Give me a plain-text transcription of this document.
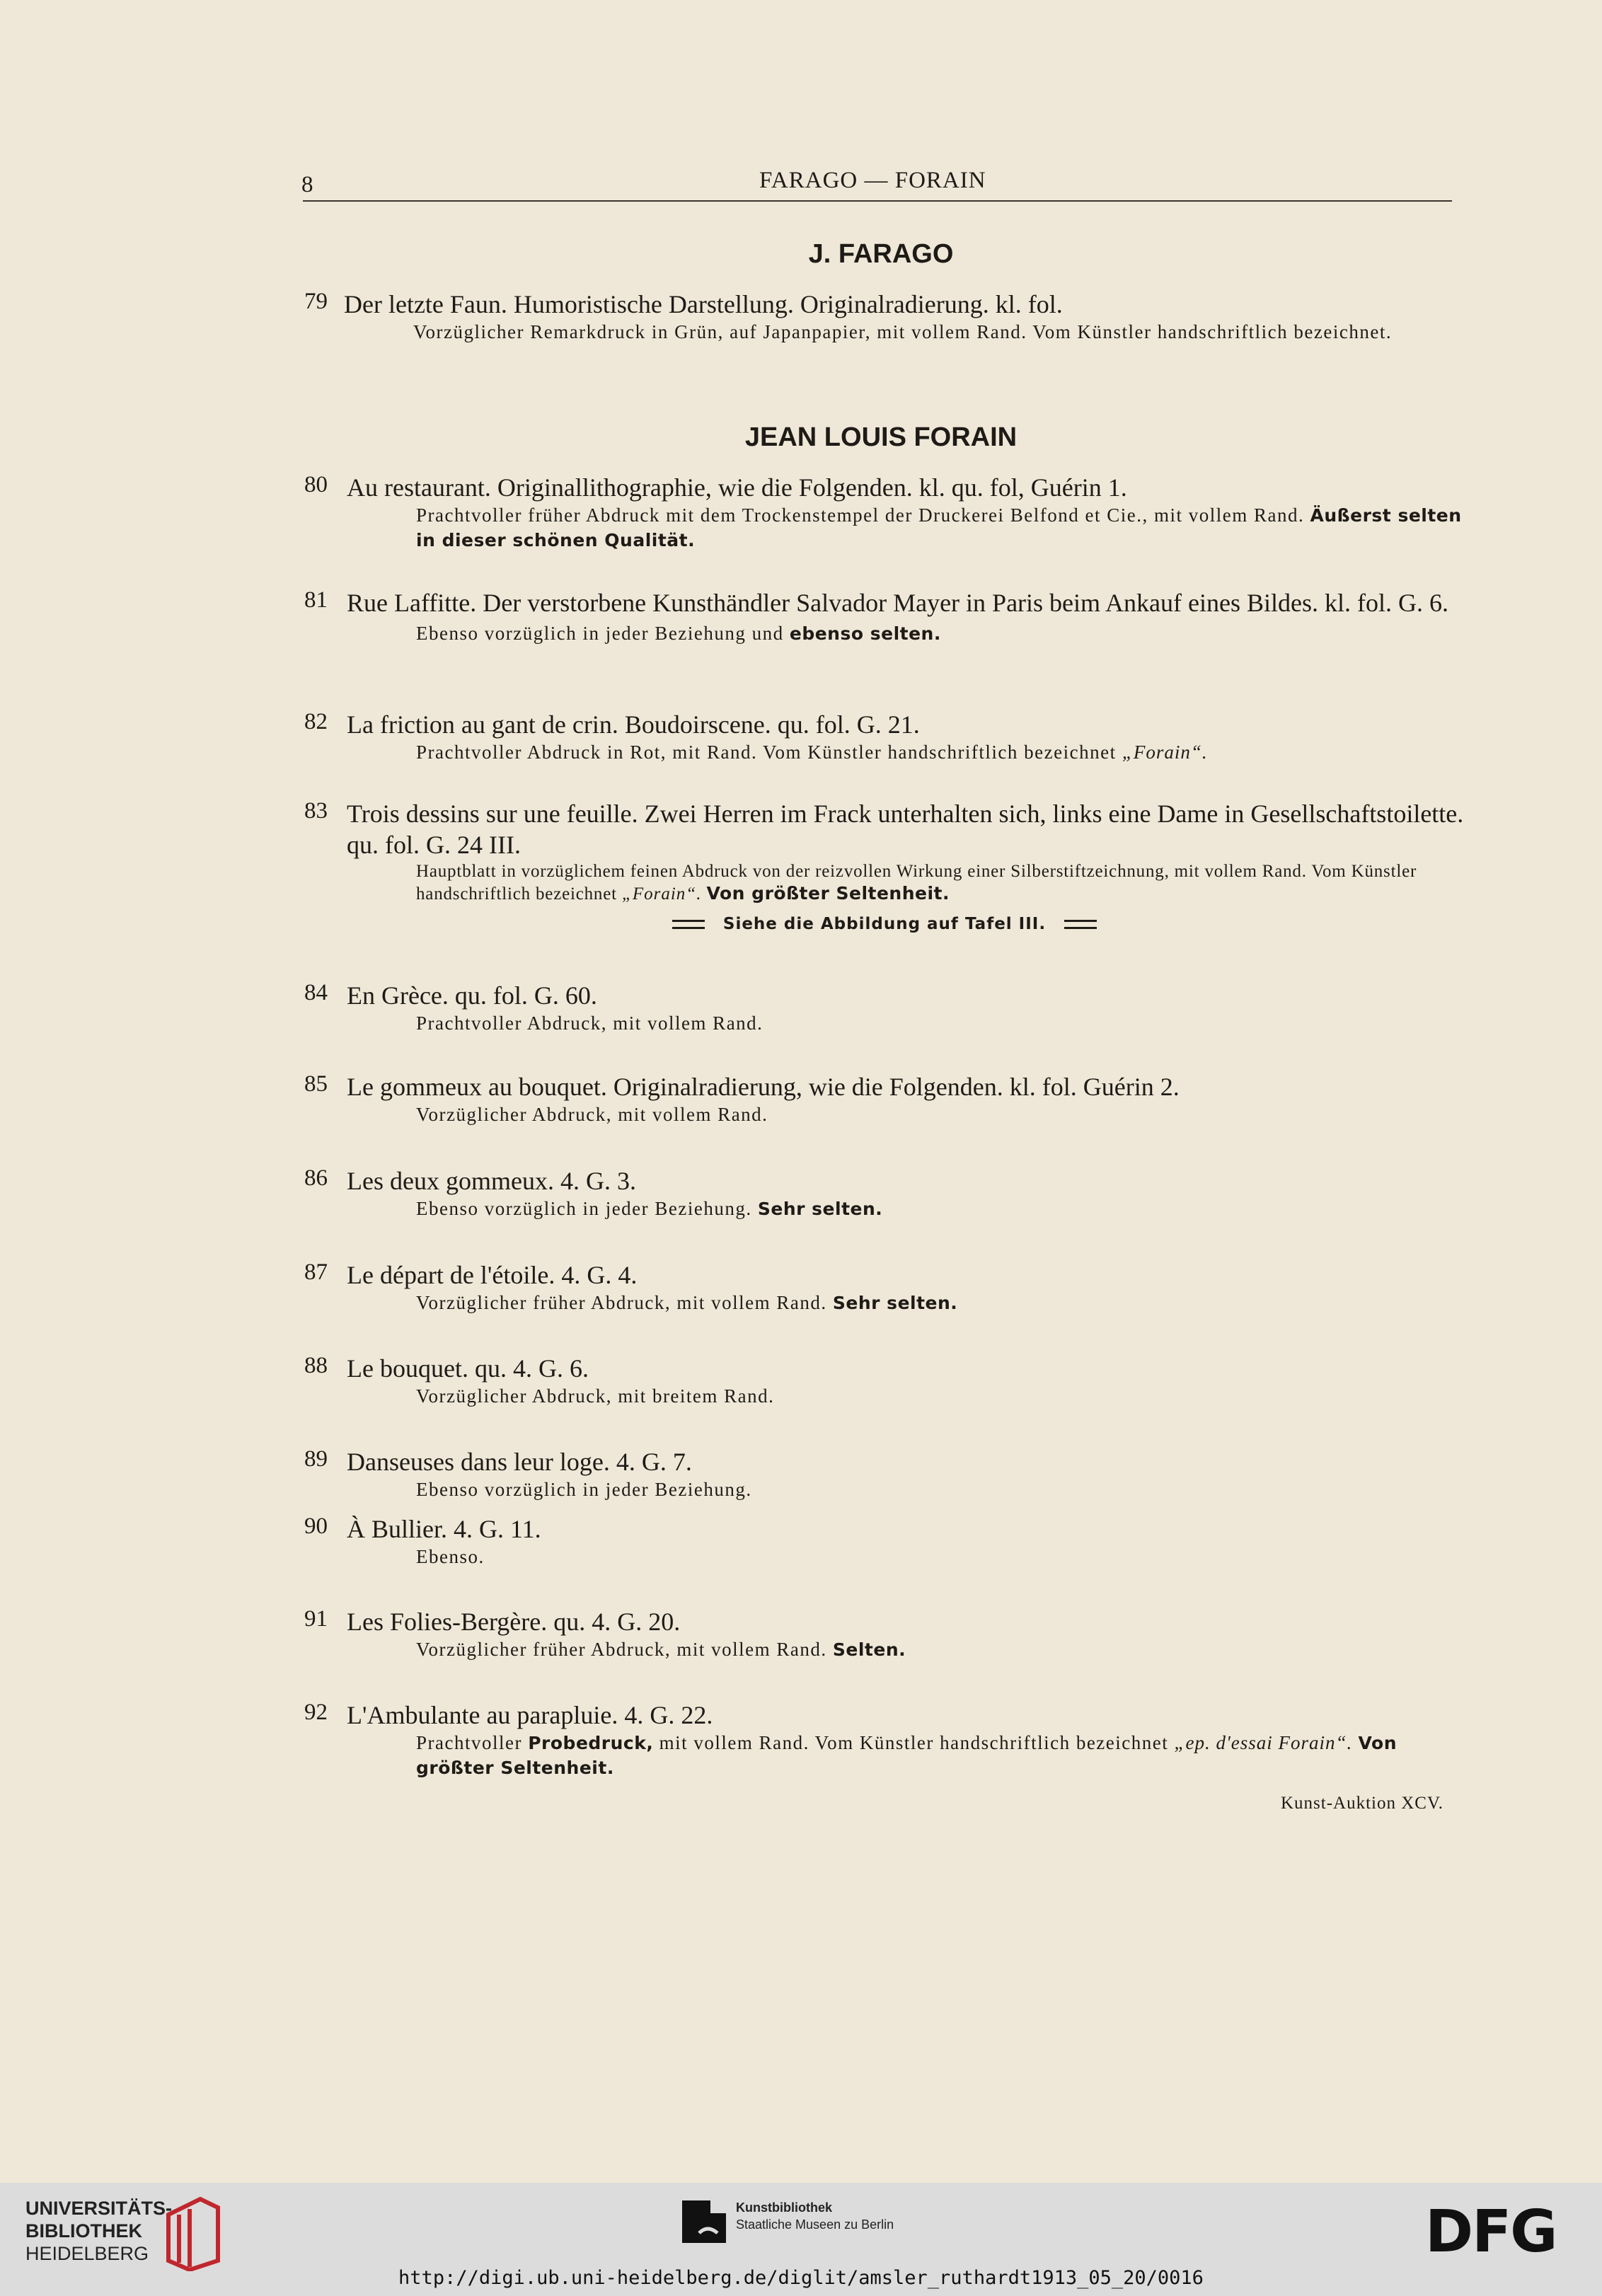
8	FARAGO — FORAIN
J. FARAGO
79 Der letzte Faun. Humoristische Darstellung. Originalradierung. kl. fol.
Vorzüglicher Remarkdruck in Grün, auf Japanpapier, mit vollem Rand. Vom Künstler handschriftlich bezeichnet.
JEAN LOUIS FORAIN
80 Au restaurant. Originallithographie, wie die Folgenden. kl. qu. fol, Guérin 1.
Prachtvoller früher Abdruck mit dem Trockenstempel der Druckerei Belfond et Cie., mit vollem Rand. Äußerst selten in dieser schönen Qualität.
81 Rue Laffitte. Der verstorbene Kunsthändler Salvador Mayer in Paris beim Ankauf eines Bildes. kl. fol. G. 6.
Ebenso vorzüglich in jeder Beziehung und ebenso selten.
82 La friction au gant de crin. Boudoirscene. qu. fol. G. 21.
Prachtvoller Abdruck in Rot, mit Rand. Vom Künstler handschriftlich bezeichnet „Forain“.
83 Trois dessins sur une feuille. Zwei Herren im Frack unterhalten sich, links eine Dame in Gesellschaftstoilette. qu. fol. G. 24 III.
Hauptblatt in vorzüglichem feinen Abdruck von der reizvollen Wirkung einer Silberstiftzeichnung, mit vollem Rand. Vom Künstler handschriftlich bezeichnet „Forain“. Von größter Seltenheit.
Siehe die Abbildung auf Tafel III.
84 En Grèce. qu. fol. G. 60.
Prachtvoller Abdruck, mit vollem Rand.
85 Le gommeux au bouquet. Originalradierung, wie die Folgenden. kl. fol. Guérin 2.
Vorzüglicher Abdruck, mit vollem Rand.
86 Les deux gommeux. 4. G. 3.
Ebenso vorzüglich in jeder Beziehung. Sehr selten.
87 Le départ de l'étoile. 4. G. 4.
Vorzüglicher früher Abdruck, mit vollem Rand. Sehr selten.
88 Le bouquet. qu. 4. G. 6.
Vorzüglicher Abdruck, mit breitem Rand.
89 Danseuses dans leur loge. 4. G. 7.
Ebenso vorzüglich in jeder Beziehung.
90 À Bullier. 4. G. 11.
Ebenso.
91 Les Folies-Bergère. qu. 4. G. 20.
Vorzüglicher früher Abdruck, mit vollem Rand. Selten.
92 L'Ambulante au parapluie. 4. G. 22.
Prachtvoller Probedruck, mit vollem Rand. Vom Künstler handschriftlich bezeichnet „ep. d'essai Forain“. Von größter Seltenheit.
Kunst-Auktion XCV.
UNIVERSITÄTS-
BIBLIOTHEK
HEIDELBERG
Kunstbibliothek
Staatliche Museen zu Berlin	DFG
http://digi.ub.uni-heidelberg.de/diglit/amsler_ruthardt1913_05_20/0016
